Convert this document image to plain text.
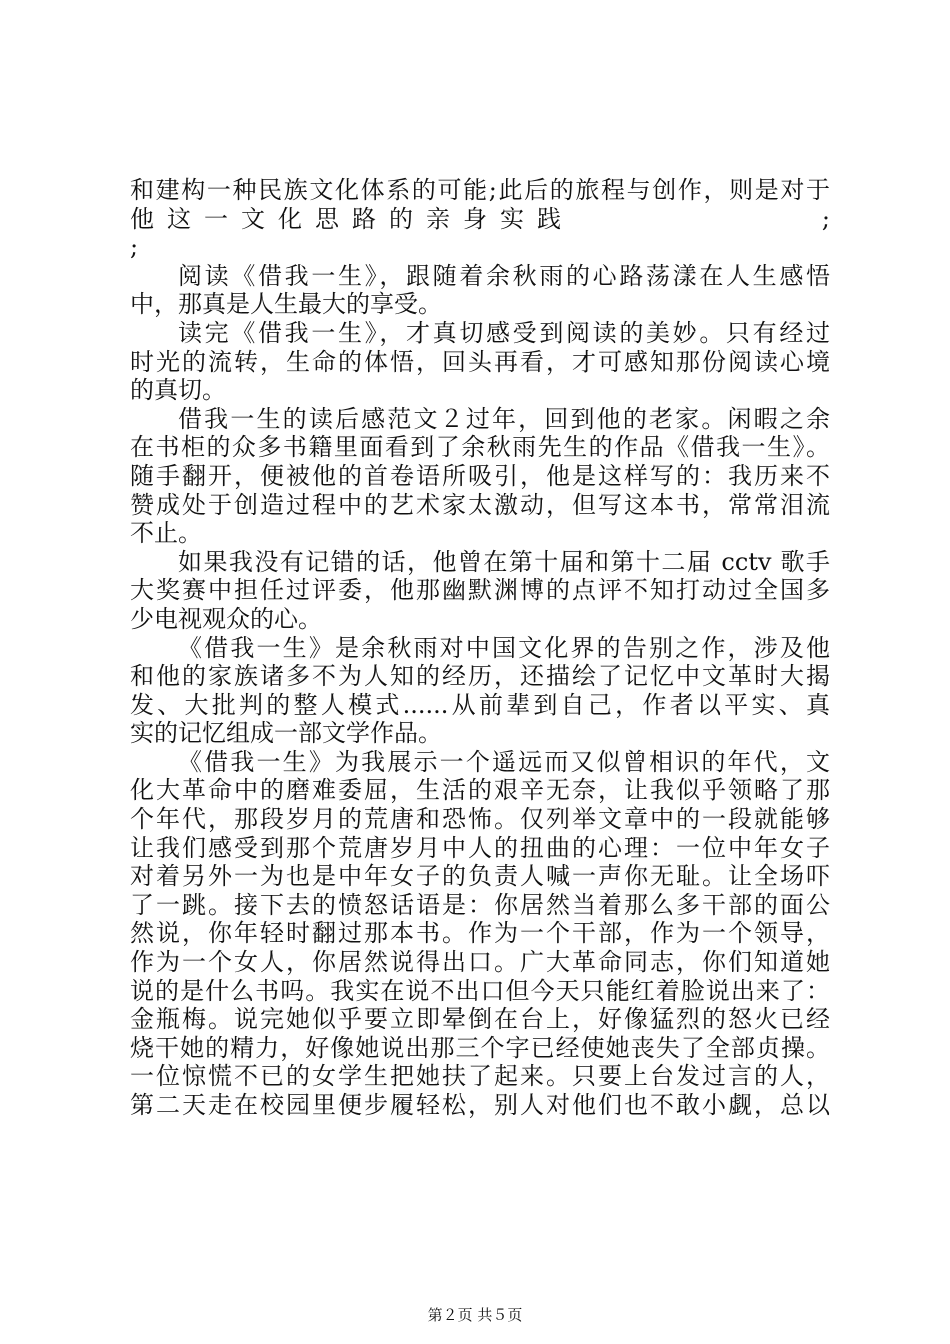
和建构一种民族文化体系的可能;此后的旅程与创作，则是对于
他这一文化思路的亲身实践	;
;
阅读《借我一生》，跟随着余秋雨的心路荡漾在人生感悟
中，那真是人生最大的享受。
读完《借我一生》，才真切感受到阅读的美妙。只有经过
时光的流转，生命的体悟，回头再看，才可感知那份阅读心境
的真切。
借我一生的读后感范文２过年，回到他的老家。闲暇之余
在书柜的众多书籍里面看到了余秋雨先生的作品《借我一生》。
随手翻开，便被他的首卷语所吸引，他是这样写的：我历来不
赞成处于创造过程中的艺术家太激动，但写这本书，常常泪流
不止。
如果我没有记错的话，他曾在第十届和第十二届 cctv 歌手
大奖赛中担任过评委，他那幽默渊博的点评不知打动过全国多
少电视观众的心。
《借我一生》是余秋雨对中国文化界的告别之作，涉及他
和他的家族诸多不为人知的经历，还描绘了记忆中文革时大揭
发、大批判的整人模式......从前辈到自己，作者以平实、真
实的记忆组成一部文学作品。
《借我一生》为我展示一个遥远而又似曾相识的年代，文
化大革命中的磨难委屈，生活的艰辛无奈，让我似乎领略了那
个年代，那段岁月的荒唐和恐怖。仅列举文章中的一段就能够
让我们感受到那个荒唐岁月中人的扭曲的心理：一位中年女子
对着另外一为也是中年女子的负责人喊一声你无耻。让全场吓
了一跳。接下去的愤怒话语是：你居然当着那么多干部的面公
然说，你年轻时翻过那本书。作为一个干部，作为一个领导，
作为一个女人，你居然说得出口。广大革命同志，你们知道她
说的是什么书吗。我实在说不出口但今天只能红着脸说出来了：
金瓶梅。说完她似乎要立即晕倒在台上，好像猛烈的怒火已经
烧干她的精力，好像她说出那三个字已经使她丧失了全部贞操。
一位惊慌不已的女学生把她扶了起来。只要上台发过言的人，
第二天走在校园里便步履轻松，别人对他们也不敢小觑，总以
第２页 共５页
